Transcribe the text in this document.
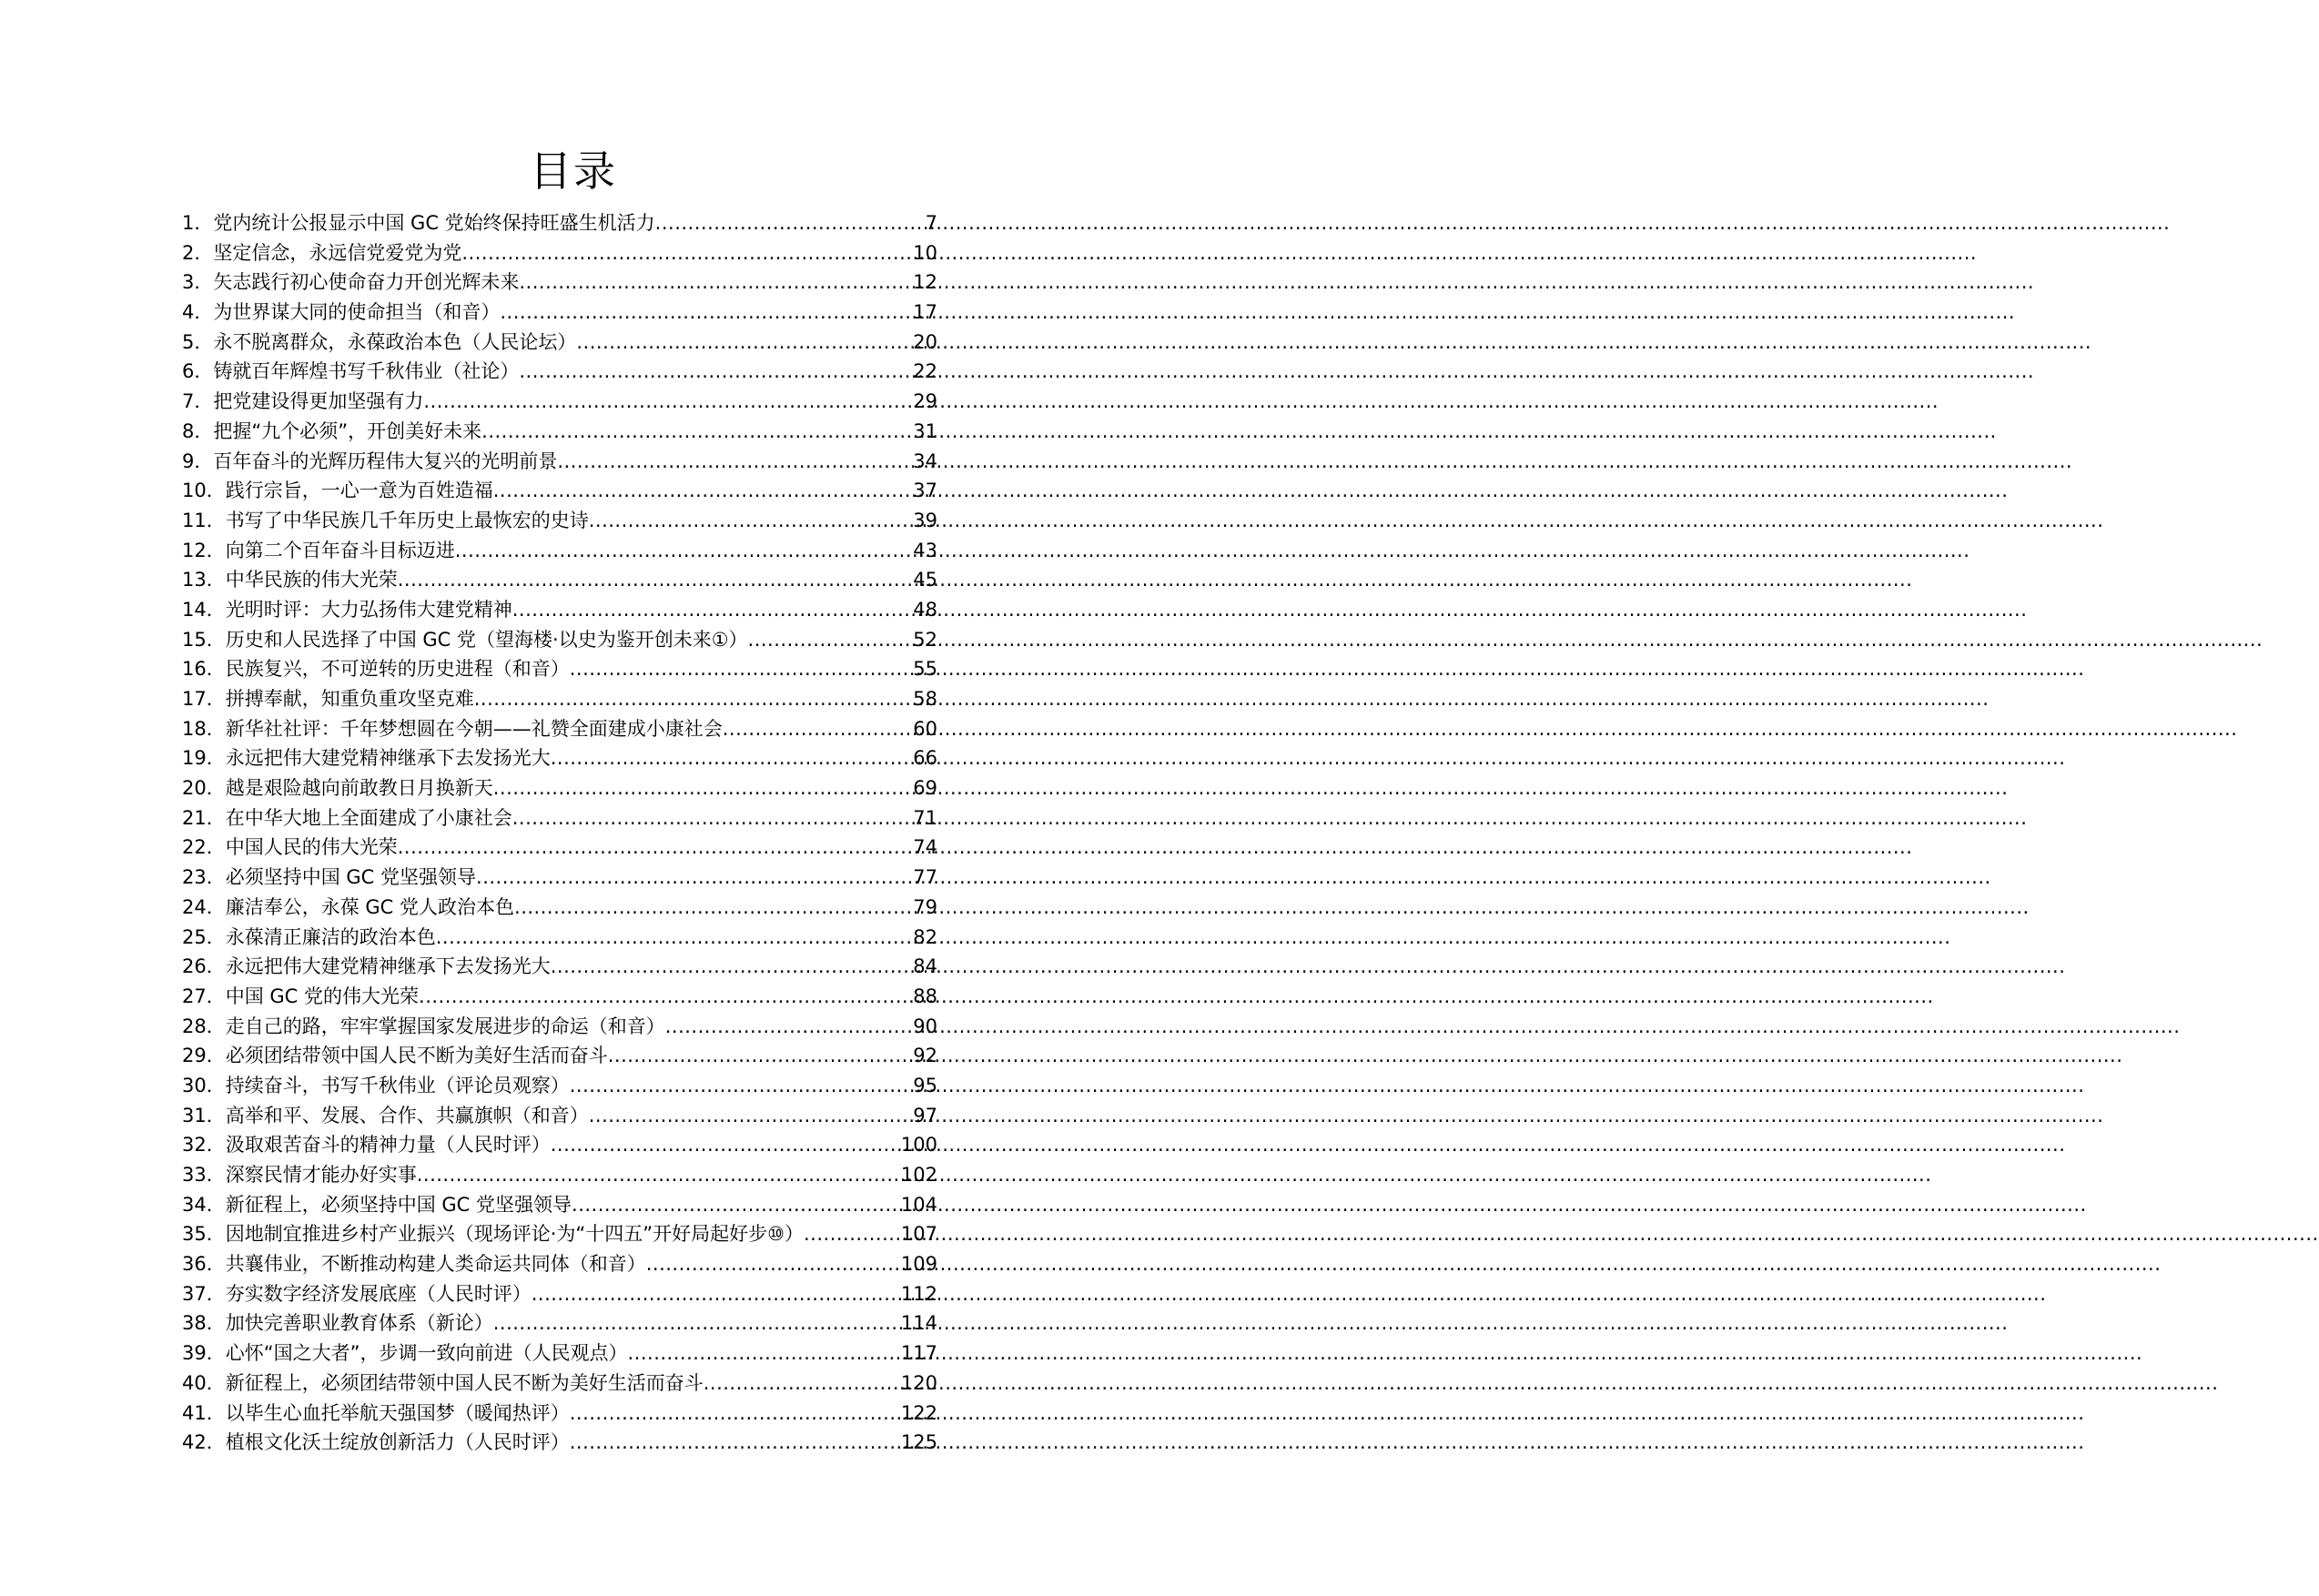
目录
1． 党内统计公报显示中国 GC 党始终保持旺盛生机活力 .....	7
2． 坚定信念，永远信党爱党为党 .....	10
3． 矢志践行初心使命奋力开创光辉未来 .....	12
4． 为世界谋大同的使命担当（和音） .....	17
5． 永不脱离群众，永葆政治本色（人民论坛） .....	20
6． 铸就百年辉煌书写千秋伟业（社论） .....	22
7． 把党建设得更加坚强有力 .....	29
8． 把握“九个必须”，开创美好未来 .....	31
9． 百年奋斗的光辉历程伟大复兴的光明前景 .....	34
10． 践行宗旨，一心一意为百姓造福 .....	37
11． 书写了中华民族几千年历史上最恢宏的史诗 .....	39
12． 向第二个百年奋斗目标迈进 .....	43
13． 中华民族的伟大光荣 .....	45
14． 光明时评：大力弘扬伟大建党精神 .....	48
15． 历史和人民选择了中国 GC 党（望海楼·以史为鉴开创未来①） .....	52
16． 民族复兴，不可逆转的历史进程（和音） .....	55
17． 拼搏奉献，知重负重攻坚克难 .....	58
18． 新华社社评：千年梦想圆在今朝——礼赞全面建成小康社会 .....	60
19． 永远把伟大建党精神继承下去发扬光大 .....	66
20． 越是艰险越向前敢教日月换新天 .....	69
21． 在中华大地上全面建成了小康社会 .....	71
22． 中国人民的伟大光荣 .....	74
23． 必须坚持中国 GC 党坚强领导 .....	77
24． 廉洁奉公，永葆 GC 党人政治本色 .....	79
25． 永葆清正廉洁的政治本色 .....	82
26． 永远把伟大建党精神继承下去发扬光大 .....	84
27． 中国 GC 党的伟大光荣 .....	88
28． 走自己的路，牢牢掌握国家发展进步的命运（和音） .....	90
29． 必须团结带领中国人民不断为美好生活而奋斗 .....	92
30． 持续奋斗，书写千秋伟业（评论员观察） .....	95
31． 高举和平、发展、合作、共赢旗帜（和音） .....	97
32． 汲取艰苦奋斗的精神力量（人民时评） .....	100
33． 深察民情才能办好实事 .....	102
34． 新征程上，必须坚持中国 GC 党坚强领导 .....	104
35． 因地制宜推进乡村产业振兴（现场评论·为“十四五”开好局起好步⑩） .....	107
36． 共襄伟业，不断推动构建人类命运共同体（和音） .....	109
37． 夯实数字经济发展底座（人民时评） .....	112
38． 加快完善职业教育体系（新论） .....	114
39． 心怀“国之大者”，步调一致向前进（人民观点） .....	117
40． 新征程上，必须团结带领中国人民不断为美好生活而奋斗 .....	120
41． 以毕生心血托举航天强国梦（暖闻热评） .....	122
42． 植根文化沃土绽放创新活力（人民时评） .....	125
